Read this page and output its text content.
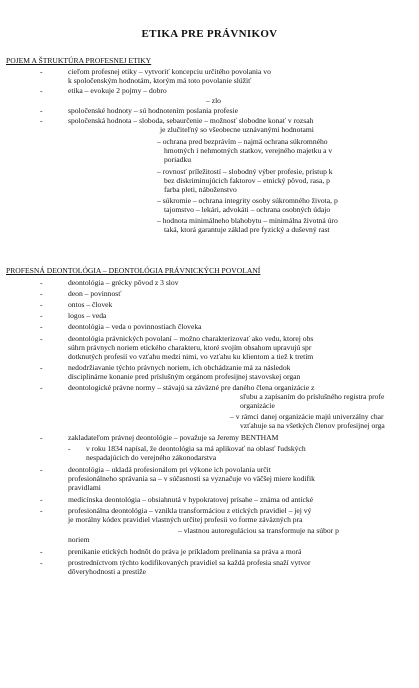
ETIKA PRE PRÁVNIKOV
POJEM A ŠTRUKTÚRA PROFESNEJ ETIKY
-	cieľom profesnej etiky – vytvoriť koncepciu určitého povolania vo
k spoločenským hodnotám, ktorým má toto povolanie slúžiť
-	etika – evokuje 2 pojmy – dobro
– zlo
-	spoločenské hodnoty – sú hodnotením poslania profesie
-	spoločenská hodnota – sloboda, sebaurčenie – možnosť slobodne konať v rozsah
je zlučiteľný so všeobecne uznávanými hodnotami
– ochrana pred bezprávím – najmä ochrana súkromného
hmotných i nehmotných statkov, verejného majetku a v
poriadku
– rovnosť príležitostí – slobodný výber profesie, prístup k
bez diskriminujúcich faktorov – etnický pôvod, rasa, p
farba pleti, náboženstvo
– súkromie – ochrana integrity osoby súkromného života, p
tajomstvo – lekári, advokáti – ochrana osobných údajo
– hodnota minimálneho blahobytu – minimálna životná úro
taká, ktorá garantuje základ pre fyzický a duševný rast
PROFESNÁ DEONTOLÓGIA – DEONTOLÓGIA PRÁVNICKÝCH POVOLANÍ
-	deontológia – grécky pôvod z 3 slov
-	deon – povinnosť
-	ontos – človek
-	logos – veda
-	deontológia – veda o povinnostiach človeka
-	deontológia právnických povolaní – možno charakterizovať ako vedu, ktorej obs
súhrn právnych noriem etického charakteru, ktoré svojím obsahom upravujú spr
dotknutých profesií vo vzťahu medzi nimi, vo vzťahu ku klientom a tiež k tretím
-	nedodržiavanie týchto právnych noriem, ich obchádzanie má za následok
disciplinárne konanie pred príslušným orgánom profesijnej stavovskej organ
-	deontologické právne normy – stávajú sa záväzné pre daného člena organizácie z
sľubu a zapísaním do príslušného registra profe
organizácie
– v rámci danej organizácie majú univerzálny char
vzťahuje sa na všetkých členov profesijnej orga
-	zakladateľom právnej deontológie – považuje sa Jeremy BENTHAM
- v roku 1834 napísal, že deontológia sa má aplikovať na oblasť ľudských
nespadajúcich do verejného zákonodarstva
-	deontológia – ukladá profesionálom pri výkone ich povolania určit
profesionálneho správania sa – v súčasnosti sa vyznačuje vo väčšej miere kodifik
pravidlami
-	medicínska deontológia – obsiahnutá v hypokratovej prísahe – známa od antické
-	profesionálna deontológia – vznikla transformáciou z etických pravidiel – jej vý
je morálny kódex pravidiel vlastných určitej profesii vo forme záväzných pra
– vlastnou autoreguláciou sa transformuje na súbor p
noriem
-	prenikanie etických hodnôt do práva je príkladom prelínania sa práva a morá
-	prostredníctvom týchto kodifikovaných pravidiel sa každá profesia snaží vytvor
dôveryhodnosti a prestíže
